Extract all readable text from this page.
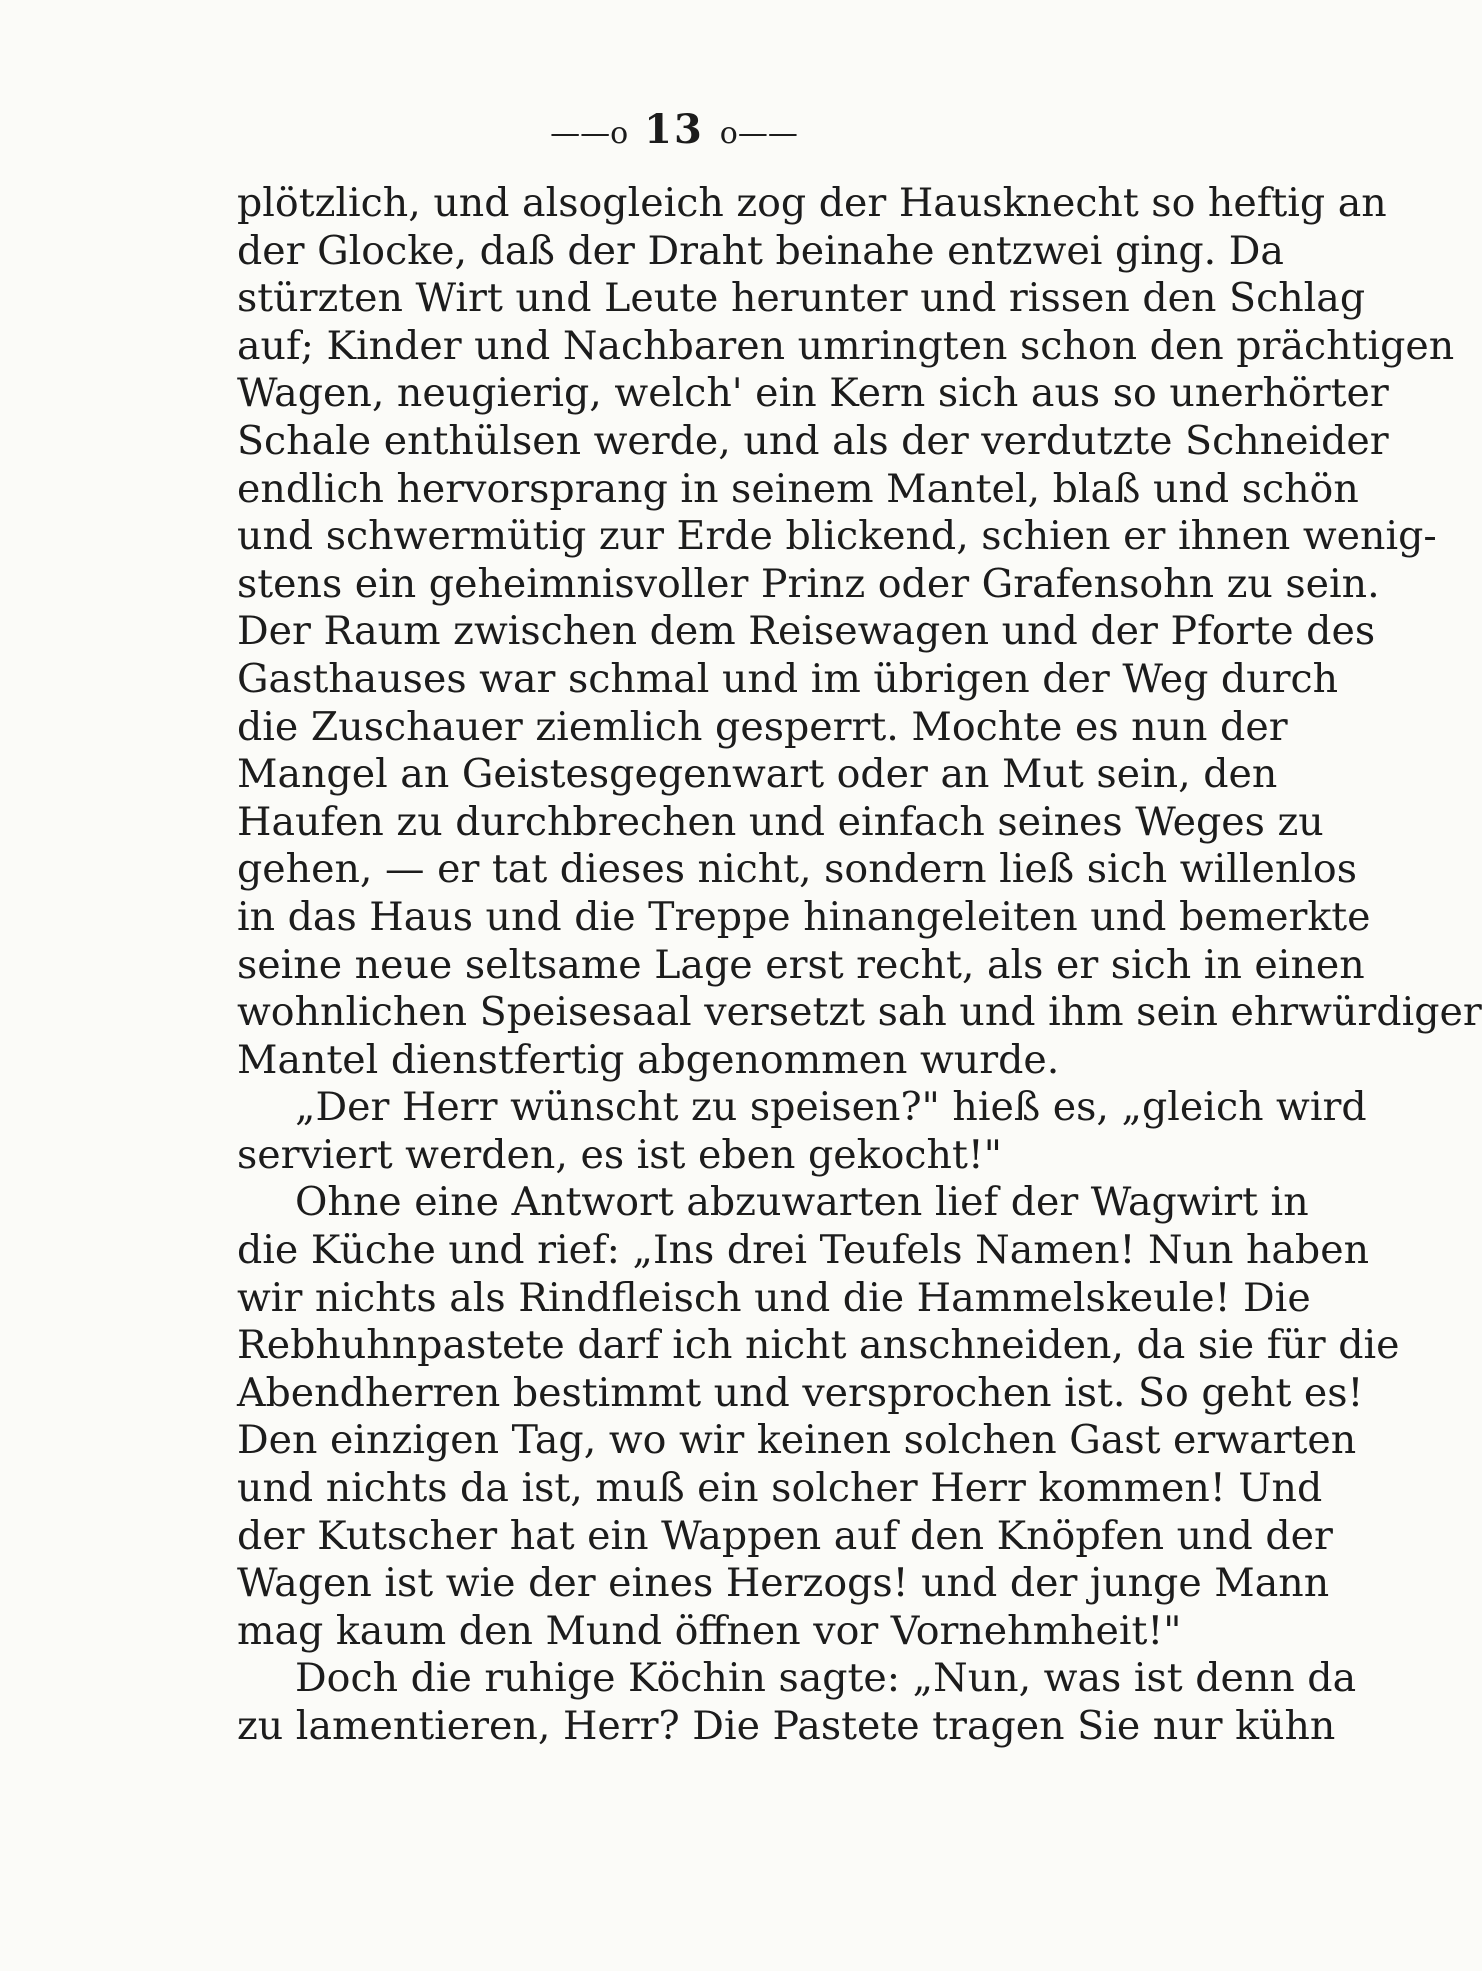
——o 13 o——
plötzlich, und alsogleich zog der Hausknecht so heftig an
der Glocke, daß der Draht beinahe entzwei ging. Da
stürzten Wirt und Leute herunter und rissen den Schlag
auf; Kinder und Nachbaren umringten schon den prächtigen
Wagen, neugierig, welch' ein Kern sich aus so unerhörter
Schale enthülsen werde, und als der verdutzte Schneider
endlich hervorsprang in seinem Mantel, blaß und schön
und schwermütig zur Erde blickend, schien er ihnen wenig-
stens ein geheimnisvoller Prinz oder Grafensohn zu sein.
Der Raum zwischen dem Reisewagen und der Pforte des
Gasthauses war schmal und im übrigen der Weg durch
die Zuschauer ziemlich gesperrt. Mochte es nun der
Mangel an Geistesgegenwart oder an Mut sein, den
Haufen zu durchbrechen und einfach seines Weges zu
gehen, — er tat dieses nicht, sondern ließ sich willenlos
in das Haus und die Treppe hinangeleiten und bemerkte
seine neue seltsame Lage erst recht, als er sich in einen
wohnlichen Speisesaal versetzt sah und ihm sein ehrwürdiger
Mantel dienstfertig abgenommen wurde.
„Der Herr wünscht zu speisen?" hieß es, „gleich wird
serviert werden, es ist eben gekocht!"
Ohne eine Antwort abzuwarten lief der Wagwirt in
die Küche und rief: „Ins drei Teufels Namen! Nun haben
wir nichts als Rindfleisch und die Hammelskeule! Die
Rebhuhnpastete darf ich nicht anschneiden, da sie für die
Abendherren bestimmt und versprochen ist. So geht es!
Den einzigen Tag, wo wir keinen solchen Gast erwarten
und nichts da ist, muß ein solcher Herr kommen! Und
der Kutscher hat ein Wappen auf den Knöpfen und der
Wagen ist wie der eines Herzogs! und der junge Mann
mag kaum den Mund öffnen vor Vornehmheit!"
Doch die ruhige Köchin sagte: „Nun, was ist denn da
zu lamentieren, Herr? Die Pastete tragen Sie nur kühn
